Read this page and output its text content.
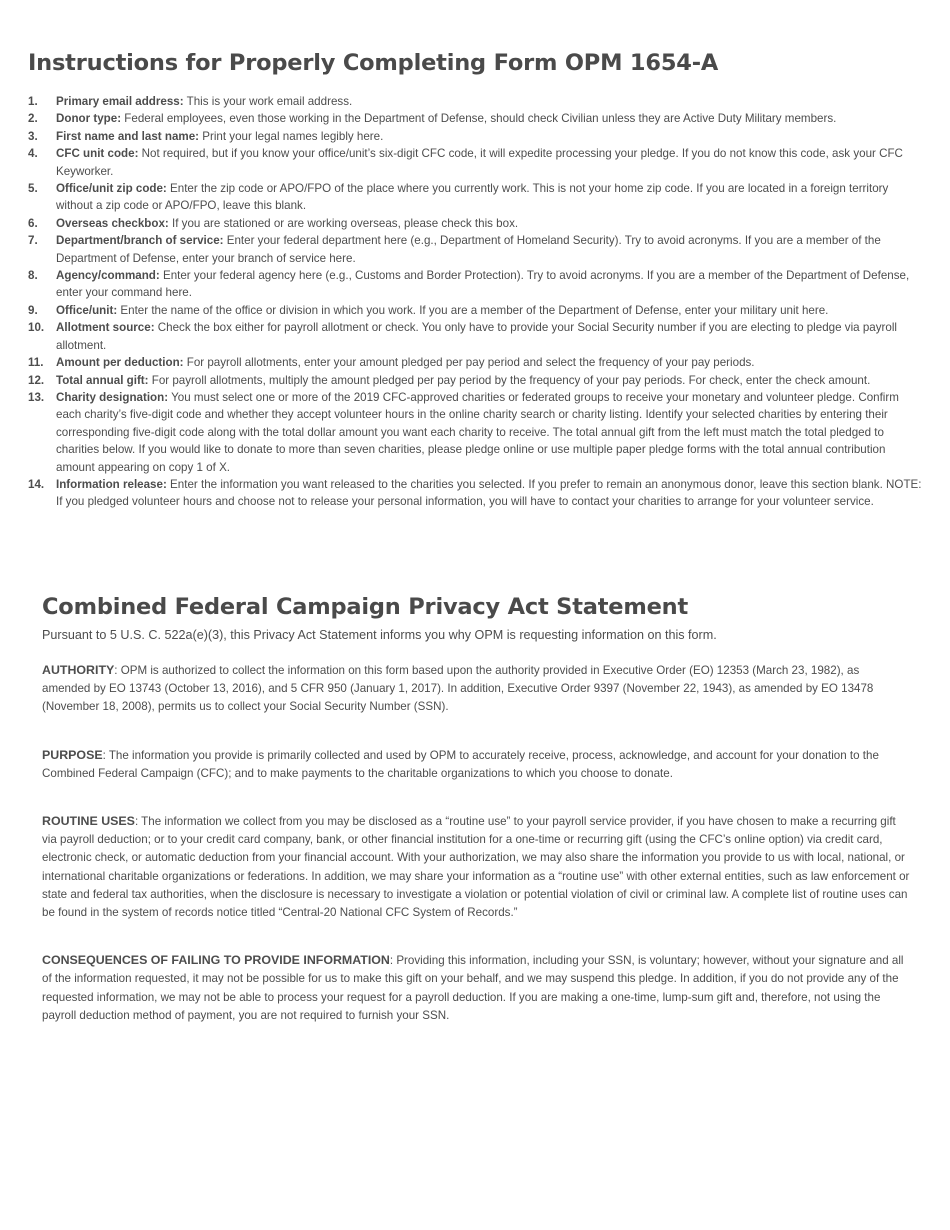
Instructions for Properly Completing Form OPM 1654-A
1.	Primary email address: This is your work email address.
2.	Donor type: Federal employees, even those working in the Department of Defense, should check Civilian unless they are Active Duty Military members.
3.	First name and last name: Print your legal names legibly here.
4.	CFC unit code: Not required, but if you know your office/unit’s six-digit CFC code, it will expedite processing your pledge. If you do not know this code, ask your CFC Keyworker.
5.	Office/unit zip code: Enter the zip code or APO/FPO of the place where you currently work. This is not your home zip code. If you are located in a foreign territory without a zip code or APO/FPO, leave this blank.
6.	Overseas checkbox: If you are stationed or are working overseas, please check this box.
7.	Department/branch of service: Enter your federal department here (e.g., Department of Homeland Security). Try to avoid acronyms. If you are a member of the Department of Defense, enter your branch of service here.
8.	Agency/command: Enter your federal agency here (e.g., Customs and Border Protection). Try to avoid acronyms. If you are a member of the Department of Defense, enter your command here.
9.	Office/unit: Enter the name of the office or division in which you work. If you are a member of the Department of Defense, enter your military unit here.
10.	Allotment source: Check the box either for payroll allotment or check. You only have to provide your Social Security number if you are electing to pledge via payroll allotment.
11.	Amount per deduction: For payroll allotments, enter your amount pledged per pay period and select the frequency of your pay periods.
12.	Total annual gift: For payroll allotments, multiply the amount pledged per pay period by the frequency of your pay periods. For check, enter the check amount.
13.	Charity designation: You must select one or more of the 2019 CFC-approved charities or federated groups to receive your monetary and volunteer pledge. Confirm each charity’s five-digit code and whether they accept volunteer hours in the online charity search or charity listing. Identify your selected charities by entering their corresponding five-digit code along with the total dollar amount you want each charity to receive. The total annual gift from the left must match the total pledged to charities below. If you would like to donate to more than seven charities, please pledge online or use multiple paper pledge forms with the total annual contribution amount appearing on copy 1 of X.
14.	Information release: Enter the information you want released to the charities you selected. If you prefer to remain an anonymous donor, leave this section blank. NOTE: If you pledged volunteer hours and choose not to release your personal information, you will have to contact your charities to arrange for your volunteer service.
Combined Federal Campaign Privacy Act Statement

Pursuant to 5 U.S. C. 522a(e)(3), this Privacy Act Statement informs you why OPM is requesting information on this form.

AUTHORITY: OPM is authorized to collect the information on this form based upon the authority provided in Executive Order (EO) 12353 (March 23, 1982), as amended by EO 13743 (October 13, 2016), and 5 CFR 950 (January 1, 2017). In addition, Executive Order 9397 (November 22, 1943), as amended by EO 13478 (November 18, 2008), permits us to collect your Social Security Number (SSN).

PURPOSE: The information you provide is primarily collected and used by OPM to accurately receive, process, acknowledge, and account for your donation to the Combined Federal Campaign (CFC); and to make payments to the charitable organizations to which you choose to donate.

ROUTINE USES: The information we collect from you may be disclosed as a “routine use” to your payroll service provider, if you have chosen to make a recurring gift via payroll deduction; or to your credit card company, bank, or other financial institution for a one-time or recurring gift (using the CFC’s online option) via credit card, electronic check, or automatic deduction from your financial account. With your authorization, we may also share the information you provide to us with local, national, or international charitable organizations or federations. In addition, we may share your information as a “routine use” with other external entities, such as law enforcement or state and federal tax authorities, when the disclosure is necessary to investigate a violation or potential violation of civil or criminal law. A complete list of routine uses can be found in the system of records notice titled “Central-20 National CFC System of Records.”

CONSEQUENCES OF FAILING TO PROVIDE INFORMATION: Providing this information, including your SSN, is voluntary; however, without your signature and all of the information requested, it may not be possible for us to make this gift on your behalf, and we may suspend this pledge. In addition, if you do not provide any of the requested information, we may not be able to process your request for a payroll deduction. If you are making a one-time, lump-sum gift and, therefore, not using the payroll deduction method of payment, you are not required to furnish your SSN.
